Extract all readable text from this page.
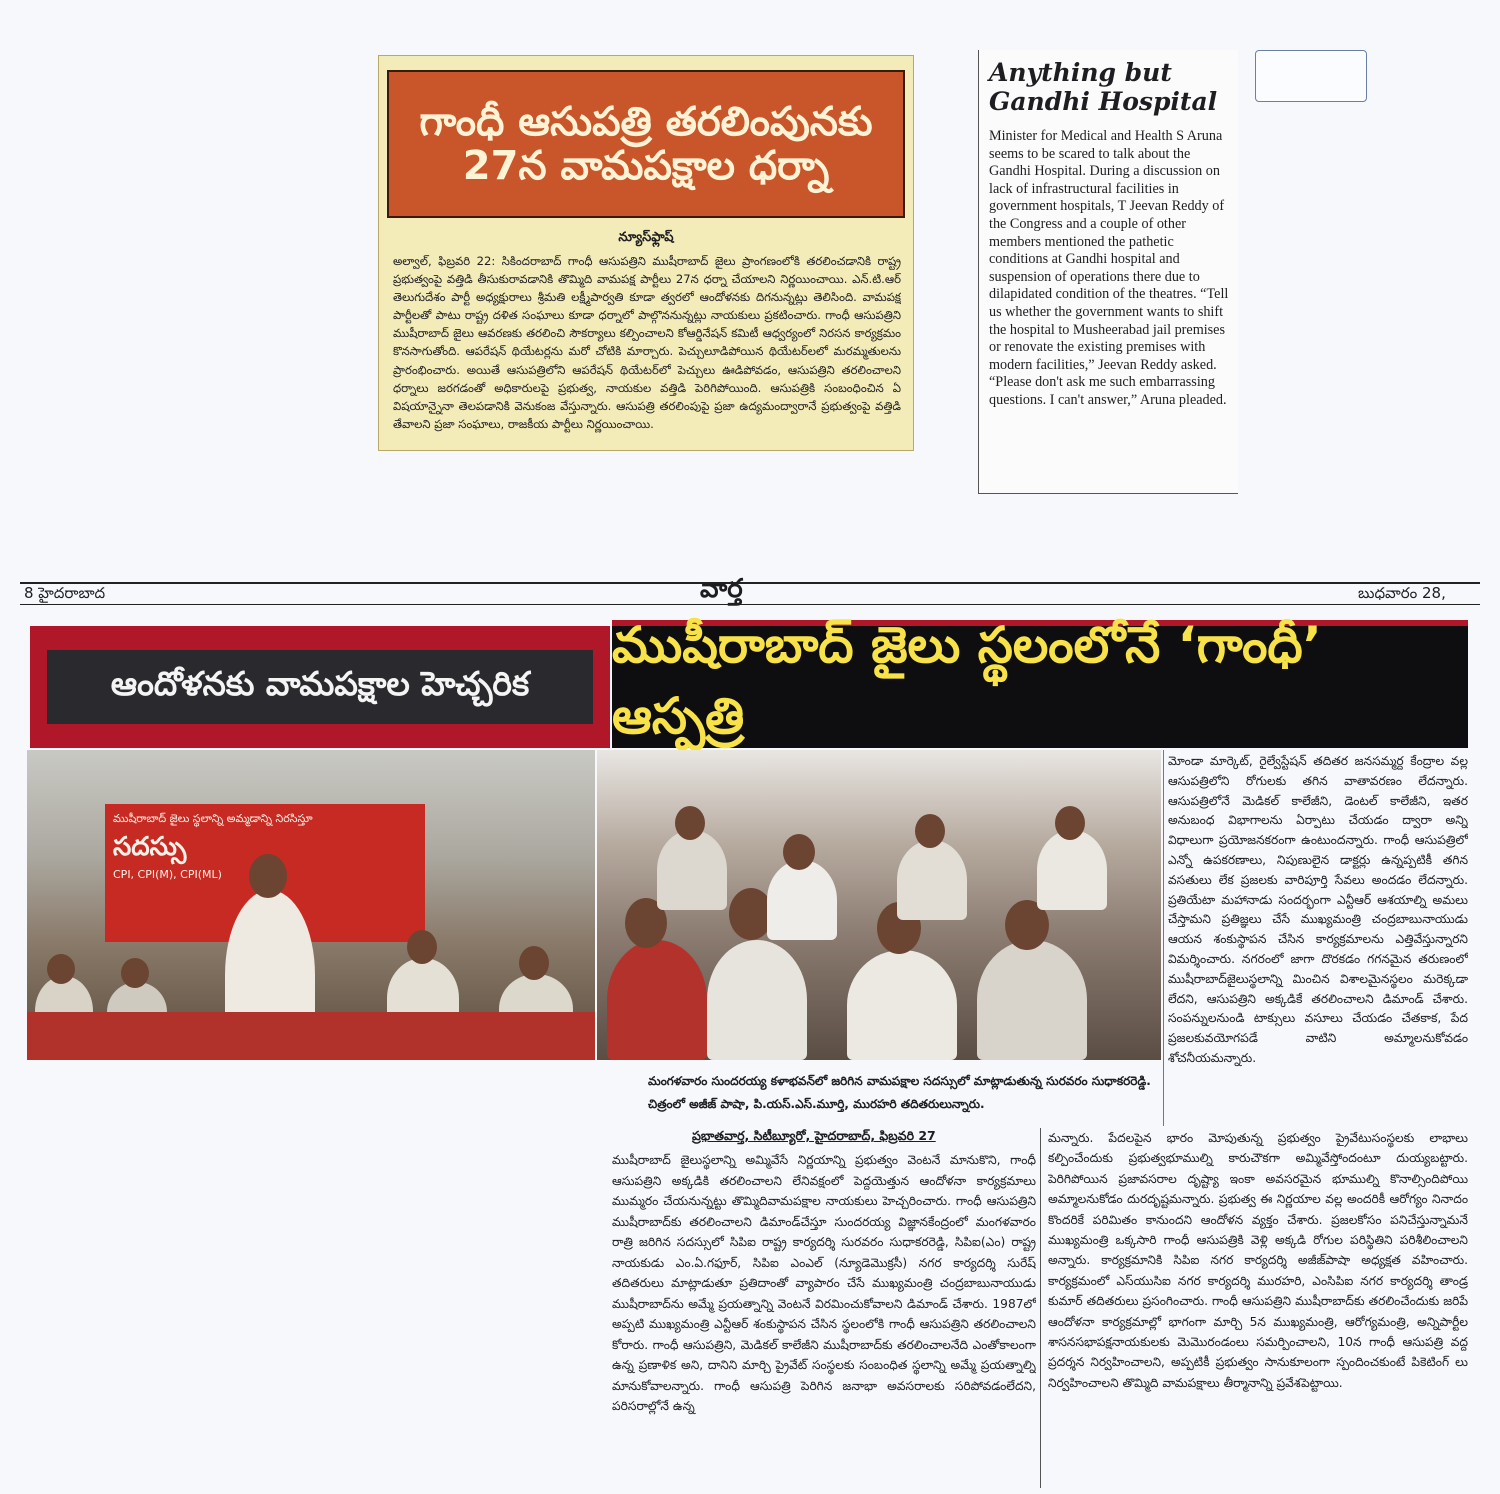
గాంధీ ఆసుపత్రి తరలింపునకు 27న వామపక్షాల ధర్నా
న్యూస్‌ఫ్లాష్
అల్వాల్, ఫిబ్రవరి 22: సికిందరాబాద్ గాంధీ ఆసుపత్రిని ముషీరాబాద్ జైలు ప్రాంగణంలోకి తరలించడానికి రాష్ట్ర ప్రభుత్వంపై వత్తిడి తీసుకురావడానికి తొమ్మిది వామపక్ష పార్టీలు 27న ధర్నా చేయాలని నిర్ణయించాయి. ఎన్.టి.ఆర్ తెలుగుదేశం పార్టీ అధ్యక్షురాలు శ్రీమతి లక్ష్మీపార్వతి కూడా త్వరలో ఆందోళనకు దిగనున్నట్లు తెలిసింది. వామపక్ష పార్టీలతో పాటు రాష్ట్ర దళిత సంఘాలు కూడా ధర్నాలో పాల్గొననున్నట్లు నాయకులు ప్రకటించారు. గాంధీ ఆసుపత్రిని ముషీరాబాద్ జైలు ఆవరణకు తరలించి సౌకర్యాలు కల్పించాలని కోఆర్డినేషన్ కమిటీ ఆధ్వర్యంలో నిరసన కార్యక్రమం కొనసాగుతోంది. ఆపరేషన్ థియేటర్లను మరో చోటికి మార్చారు. పెచ్చులూడిపోయిన థియేటర్‌లలో మరమ్మతులను ప్రారంభించారు. అయితే ఆసుపత్రిలోని ఆపరేషన్ థియేటర్‌లో పెచ్చులు ఊడిపోవడం, ఆసుపత్రిని తరలించాలని ధర్నాలు జరగడంతో అధికారులపై ప్రభుత్వ, నాయకుల వత్తిడి పెరిగిపోయింది. ఆసుపత్రికి సంబంధించిన ఏ విషయాన్నైనా తెలపడానికి వెనుకంజ వేస్తున్నారు. ఆసుపత్రి తరలింపుపై ప్రజా ఉద్యమంద్వారానే ప్రభుత్వంపై వత్తిడి తేవాలని ప్రజా సంఘాలు, రాజకీయ పార్టీలు నిర్ణయించాయి.
Anything but
Gandhi Hospital
Minister for Medical and Health S Aruna seems to be scared to talk about the Gandhi Hospital. During a discussion on lack of infrastructural facilities in government hospitals, T Jeevan Reddy of the Congress and a couple of other members mentioned the pathetic conditions at Gandhi hospital and suspension of operations there due to dilapidated condition of the theatres. “Tell us whether the government wants to shift the hospital to Musheerabad jail premises or renovate the existing premises with modern facilities,” Jeevan Reddy asked. “Please don't ask me such embarrassing questions. I can't answer,” Aruna pleaded.
8 హైదరాబాద	వార్త	బుధవారం 28,
ఆందోళనకు వామపక్షాల హెచ్చరిక
ముషీరాబాద్ జైలు స్థలంలోనే ‘గాంధీ’ ఆస్పత్రి
ముషీరాబాద్ జైలు స్థలాన్ని అమ్మడాన్ని నిరసిస్తూ
సదస్సు
CPI, CPI(M), CPI(ML)
మంగళవారం సుందరయ్య కళాభవన్‌లో జరిగిన వామపక్షాల సదస్సులో మాట్లాడుతున్న సురవరం సుధాకరరెడ్డి. చిత్రంలో అజీజ్ పాషా, పి.యస్.ఎస్.మూర్తి, మురహరి తదితరులున్నారు.
మోండా మార్కెట్, రైల్వేస్టేషన్ తదితర జనసమ్మర్ద కేంద్రాల వల్ల ఆసుపత్రిలోని రోగులకు తగిన వాతావరణం లేదన్నారు. ఆసుపత్రిలోనే మెడికల్ కాలేజీని, డెంటల్ కాలేజీని, ఇతర అనుబంధ విభాగాలను ఏర్పాటు చేయడం ద్వారా అన్ని విధాలుగా ప్రయోజనకరంగా ఉంటుందన్నారు. గాంధీ ఆసుపత్రిలో ఎన్నో ఉపకరణాలు, నిపుణులైన డాక్టర్లు ఉన్నప్పటికీ తగిన వసతులు లేక ప్రజలకు వారిపూర్తి సేవలు అందడం లేదన్నారు. ప్రతియేటా మహానాడు సందర్భంగా ఎన్టీఆర్ ఆశయాల్ని అమలు చేస్తామని ప్రతిజ్ఞలు చేసే ముఖ్యమంత్రి చంద్రబాబునాయుడు ఆయన శంకుస్థాపన చేసిన కార్యక్రమాలను ఎత్తివేస్తున్నారని విమర్శించారు. నగరంలో జాగా దొరకడం గగనమైన తరుణంలో ముషీరాబాద్‌జైలుస్థలాన్ని మించిన విశాలమైనస్థలం మరెక్కడా లేదని, ఆసుపత్రిని అక్కడికే తరలించాలని డిమాండ్ చేశారు. సంపన్నులనుండి టాక్సులు వసూలు చేయడం చేతకాక, పేద ప్రజలకువయోగపడే వాటిని అమ్మాలనుకోవడం శోచనీయమన్నారు.
ప్రభాతవార్త, సిటీబ్యూరో, హైదరాబాద్, ఫిబ్రవరి 27
ముషీరాబాద్ జైలుస్థలాన్ని అమ్మివేసే నిర్ణయాన్ని ప్రభుత్వం వెంటనే మానుకొని, గాంధీ ఆసుపత్రిని అక్కడికి తరలించాలని లేనివక్షంలో పెద్దయెత్తున ఆందోళనా కార్యక్రమాలు ముమ్మరం చేయనున్నట్టు తొమ్మిదివామపక్షాల నాయకులు హెచ్చరించారు. గాంధీ ఆసుపత్రిని ముషీరాబాద్‌కు తరలించాలని డిమాండ్‌చేస్తూ సుందరయ్య విజ్ఞానకేంద్రంలో మంగళవారం రాత్రి జరిగిన సదస్సులో సిపిఐ రాష్ట్ర కార్యదర్శి సురవరం సుధాకరరెడ్డి, సిపిఐ(ఎం) రాష్ట్ర నాయకుడు ఎం.ఏ.గఫూర్, సిపిఐ ఎంఎల్ (న్యూడెమొక్రసీ) నగర కార్యదర్శి సురేష్ తదితరులు మాట్లాడుతూ ప్రతిదాంతో వ్యాపారం చేసే ముఖ్యమంత్రి చంద్రబాబునాయుడు ముషీరాబాద్‌ను అమ్మే ప్రయత్నాన్ని వెంటనే విరమించుకోవాలని డిమాండ్ చేశారు. 1987లో అప్పటి ముఖ్యమంత్రి ఎన్టీఆర్ శంకుస్థాపన చేసిన స్థలంలోకి గాంధీ ఆసుపత్రిని తరలించాలని కోరారు. గాంధీ ఆసుపత్రిని, మెడికల్ కాలేజీని ముషీరాబాద్‌కు తరలించాలనేది ఎంతోకాలంగా ఉన్న ప్రణాళిక అని, దానిని మార్చి ప్రైవేట్ సంస్థలకు సంబంధిత స్థలాన్ని అమ్మే ప్రయత్నాల్ని మానుకోవాలన్నారు. గాంధీ ఆసుపత్రి పెరిగిన జనాభా అవసరాలకు సరిపోవడంలేదని, పరిసరాల్లోనే ఉన్న
మన్నారు. పేదలపైన భారం మోపుతున్న ప్రభుత్వం ప్రైవేటుసంస్థలకు లాభాలు కల్పించేందుకు ప్రభుత్వభూముల్ని కారుచౌకగా అమ్మివేస్తోందంటూ దుయ్యబట్టారు. పెరిగిపోయిన ప్రజావసరాల దృష్ట్యా ఇంకా అవసరమైన భూముల్ని కొనాల్సిందిపోయి అమ్మాలనుకోడం దురదృష్టమన్నారు. ప్రభుత్వ ఈ నిర్ణయాల వల్ల అందరికీ ఆరోగ్యం నినాదం కొందరికే పరిమితం కానుందని ఆందోళన వ్యక్తం చేశారు. ప్రజలకోసం పనిచేస్తున్నామనే ముఖ్యమంత్రి ఒక్కసారి గాంధీ ఆసుపత్రికి వెళ్లి అక్కడి రోగుల పరిస్థితిని పరిశీలించాలని అన్నారు. కార్యక్రమానికి సిపిఐ నగర కార్యదర్శి అజీజ్‌పాషా అధ్యక్షత వహించారు. కార్యక్రమంలో ఎస్‌యుసిఐ నగర కార్యదర్శి మురహరి, ఎంసిపిఐ నగర కార్యదర్శి తాండ్ర కుమార్ తదితరులు ప్రసంగించారు. గాంధీ ఆసుపత్రిని ముషీరాబాద్‌కు తరలించేందుకు జరిపే ఆందోళనా కార్యక్రమాల్లో భాగంగా మార్చి 5న ముఖ్యమంత్రి, ఆరోగ్యమంత్రి, అన్నిపార్టీల శాసనసభాపక్షనాయకులకు మెమొరండంలు సమర్పించాలని, 10న గాంధీ ఆసుపత్రి వద్ద ప్రదర్శన నిర్వహించాలని, అప్పటికీ ప్రభుత్వం సానుకూలంగా స్పందించకుంటే పికెటింగ్ లు నిర్వహించాలని తొమ్మిది వామపక్షాలు తీర్మానాన్ని ప్రవేశపెట్టాయి.
